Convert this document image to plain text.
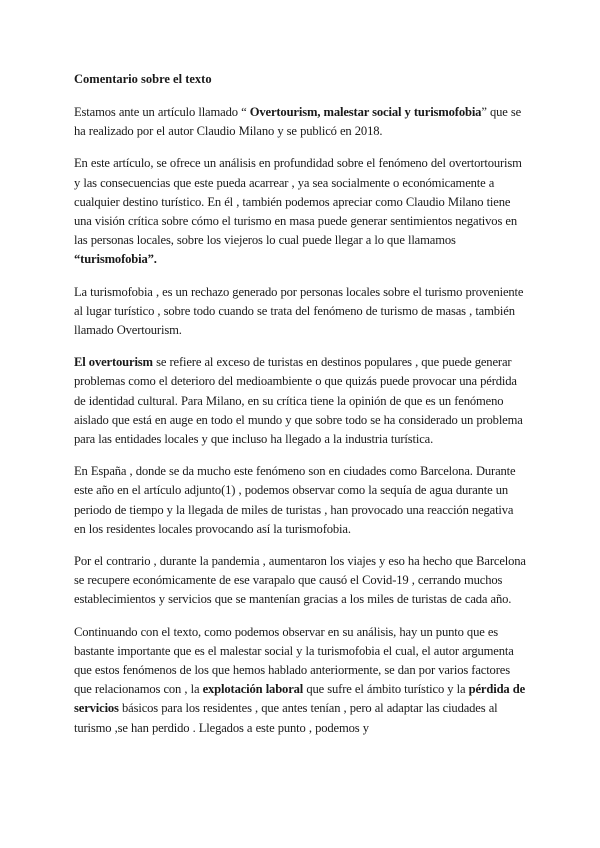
Comentario sobre el texto

Estamos ante un artículo llamado “ Overtourism, malestar social y turismofobia” que se ha realizado por el autor Claudio Milano y se publicó en 2018.

En este artículo, se ofrece un análisis en profundidad sobre el fenómeno del overtortourism y las consecuencias que este pueda acarrear , ya sea socialmente o económicamente a cualquier destino turístico. En él , también podemos apreciar como Claudio Milano tiene una visión crítica sobre cómo el turismo en masa puede generar sentimientos negativos en las personas locales, sobre los viejeros lo cual puede llegar a lo que llamamos “turismofobia”.

La turismofobia , es un rechazo generado por personas locales sobre el turismo proveniente al lugar turístico , sobre todo cuando se trata del fenómeno de turismo de masas , también llamado Overtourism.

El overtourism se refiere al exceso de turistas en destinos populares , que puede generar problemas como el deterioro del medioambiente o que quizás puede provocar una pérdida de identidad cultural. Para Milano, en su crítica tiene la opinión de que es un fenómeno aislado que está en auge en todo el mundo y que sobre todo se ha considerado un problema para las entidades locales y que incluso ha llegado a la industria turística.

En España , donde se da mucho este fenómeno son en ciudades como Barcelona. Durante este año en el artículo adjunto(1) , podemos observar como la sequía de agua durante un periodo de tiempo y la llegada de miles de turistas , han provocado una reacción negativa en los residentes locales provocando así la turismofobia.

Por el contrario , durante la pandemia , aumentaron los viajes y eso ha hecho que Barcelona se recupere económicamente de ese varapalo que causó el Covid-19 , cerrando muchos establecimientos y servicios que se mantenían gracias a los miles de turistas de cada año.

Continuando con el texto, como podemos observar en su análisis, hay un punto que es bastante importante que es el malestar social y la turismofobia el cual, el autor argumenta que estos fenómenos de los que hemos hablado anteriormente, se dan por varios factores que relacionamos con , la explotación laboral que sufre el ámbito turístico y la pérdida de servicios básicos para los residentes , que antes tenían , pero al adaptar las ciudades al turismo ,se han perdido . Llegados a este punto , podemos y
